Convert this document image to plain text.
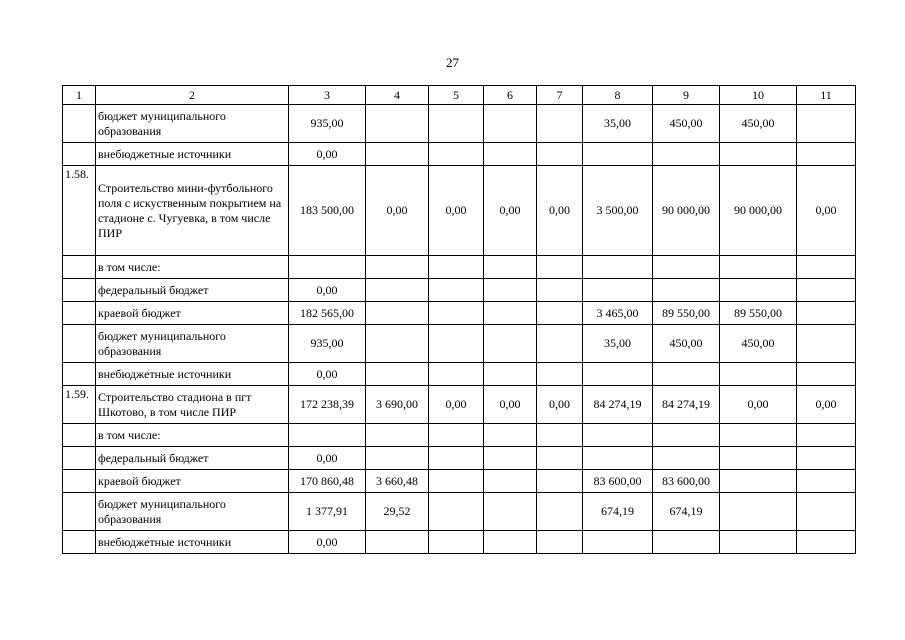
27
1	2	3	4	5	6	7	8	9	10	11
	бюджет муниципального образования	935,00					35,00	450,00	450,00	
	внебюджетные источники	0,00								
1.58.	Строительство мини-футбольного поля с искуственным покрытием на стадионе с. Чугуевка, в том числе ПИР	183 500,00	0,00	0,00	0,00	0,00	3 500,00	90 000,00	90 000,00	0,00
	в том числе:									
	федеральный бюджет	0,00								
	краевой бюджет	182 565,00					3 465,00	89 550,00	89 550,00	
	бюджет муниципального образования	935,00					35,00	450,00	450,00	
	внебюджетные источники	0,00								
1.59.	Строительство стадиона в пгт Шкотово, в том числе ПИР	172 238,39	3 690,00	0,00	0,00	0,00	84 274,19	84 274,19	0,00	0,00
	в том числе:									
	федеральный бюджет	0,00								
	краевой бюджет	170 860,48	3 660,48				83 600,00	83 600,00		
	бюджет муниципального образования	1 377,91	29,52				674,19	674,19		
	внебюджетные источники	0,00								
